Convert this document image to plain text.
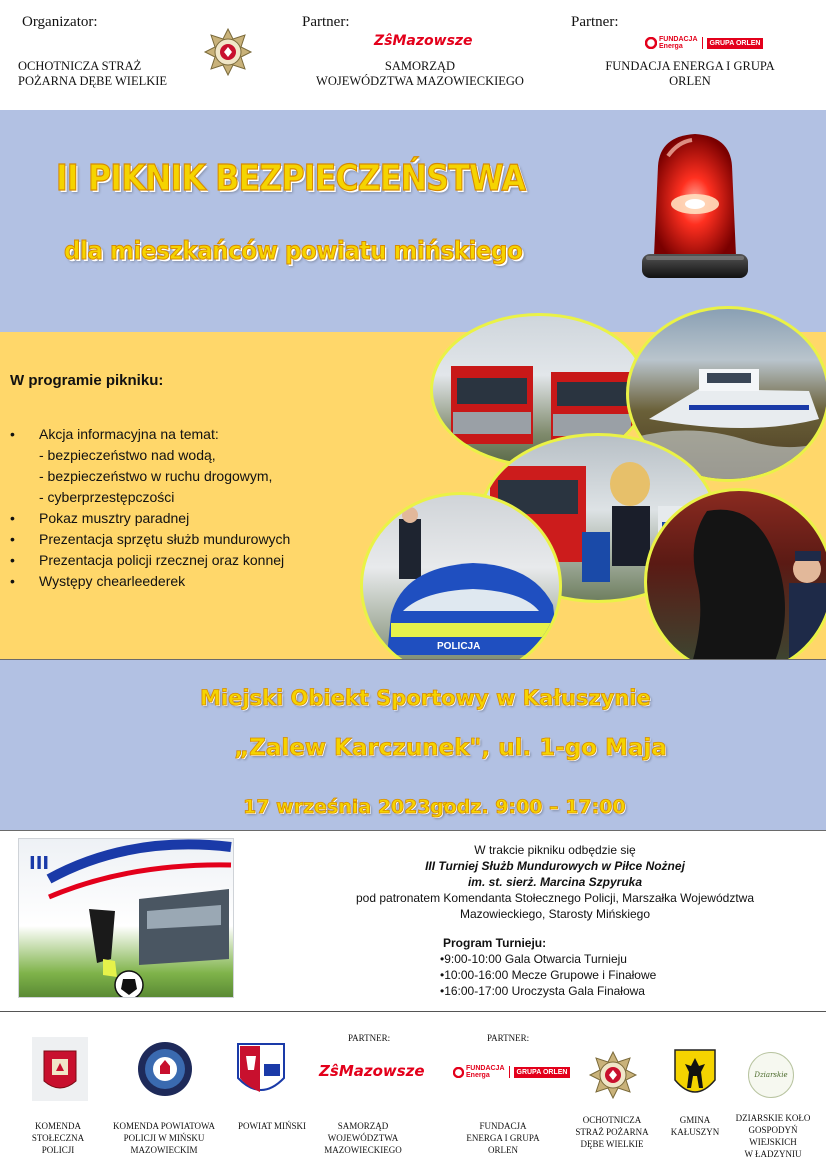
Organizator:
OCHOTNICZA STRAŻ
POŻARNA DĘBE WIELKIE
Partner:
ZŝMazowsze
SAMORZĄD
WOJEWÓDZTWA MAZOWIECKIEGO
Partner:
FUNDACJA
Energa	GRUPA ORLEN
FUNDACJA ENERGA I GRUPA
ORLEN
II PIKNIK BEZPIECZEŃSTWA
dla mieszkańców powiatu mińskiego
W programie pikniku:
• Akcja informacyjna na temat:
- bezpieczeństwo nad wodą,
- bezpieczeństwo w ruchu drogowym,
- cyberprzestępczości
• Pokaz musztry paradnej
• Prezentacja sprzętu służb mundurowych
• Prezentacja policji rzecznej oraz konnej
• Występy chearleederek
POLICJA
Miejski Obiekt Sportowy w Kałuszynie
„Zalew Karczunek", ul. 1-go Maja
17 września 2023 r.
godz. 9:00 – 17:00
III
W trakcie pikniku odbędzie się
III Turniej Służb Mundurowych w Piłce Nożnej
im. st. sierż. Marcina Szpyruka
pod patronatem Komendanta Stołecznego Policji, Marszałka Województwa
Mazowieckiego, Starosty Mińskiego
Program Turnieju:
• 9:00-10:00 Gala Otwarcia Turnieju
• 10:00-16:00 Mecze Grupowe i Finałowe
• 16:00-17:00 Uroczysta Gala Finałowa
KOMENDA
STOŁECZNA
POLICJI
KOMENDA POWIATOWA
POLICJI W MIŃSKU
MAZOWIECKIM
POWIAT MIŃSKI
PARTNER:
ZŝMazowsze
SAMORZĄD
WOJEWÓDZTWA
MAZOWIECKIEGO
PARTNER:
FUNDACJA
Energa	GRUPA ORLEN
FUNDACJA
ENERGA I GRUPA
ORLEN
OCHOTNICZA
STRAŻ POŻARNA
DĘBE WIELKIE
GMINA
KAŁUSZYN
Dziarskie
DZIARSKIE KOŁO
GOSPODYŃ
WIEJSKICH
W ŁADZYNIU
